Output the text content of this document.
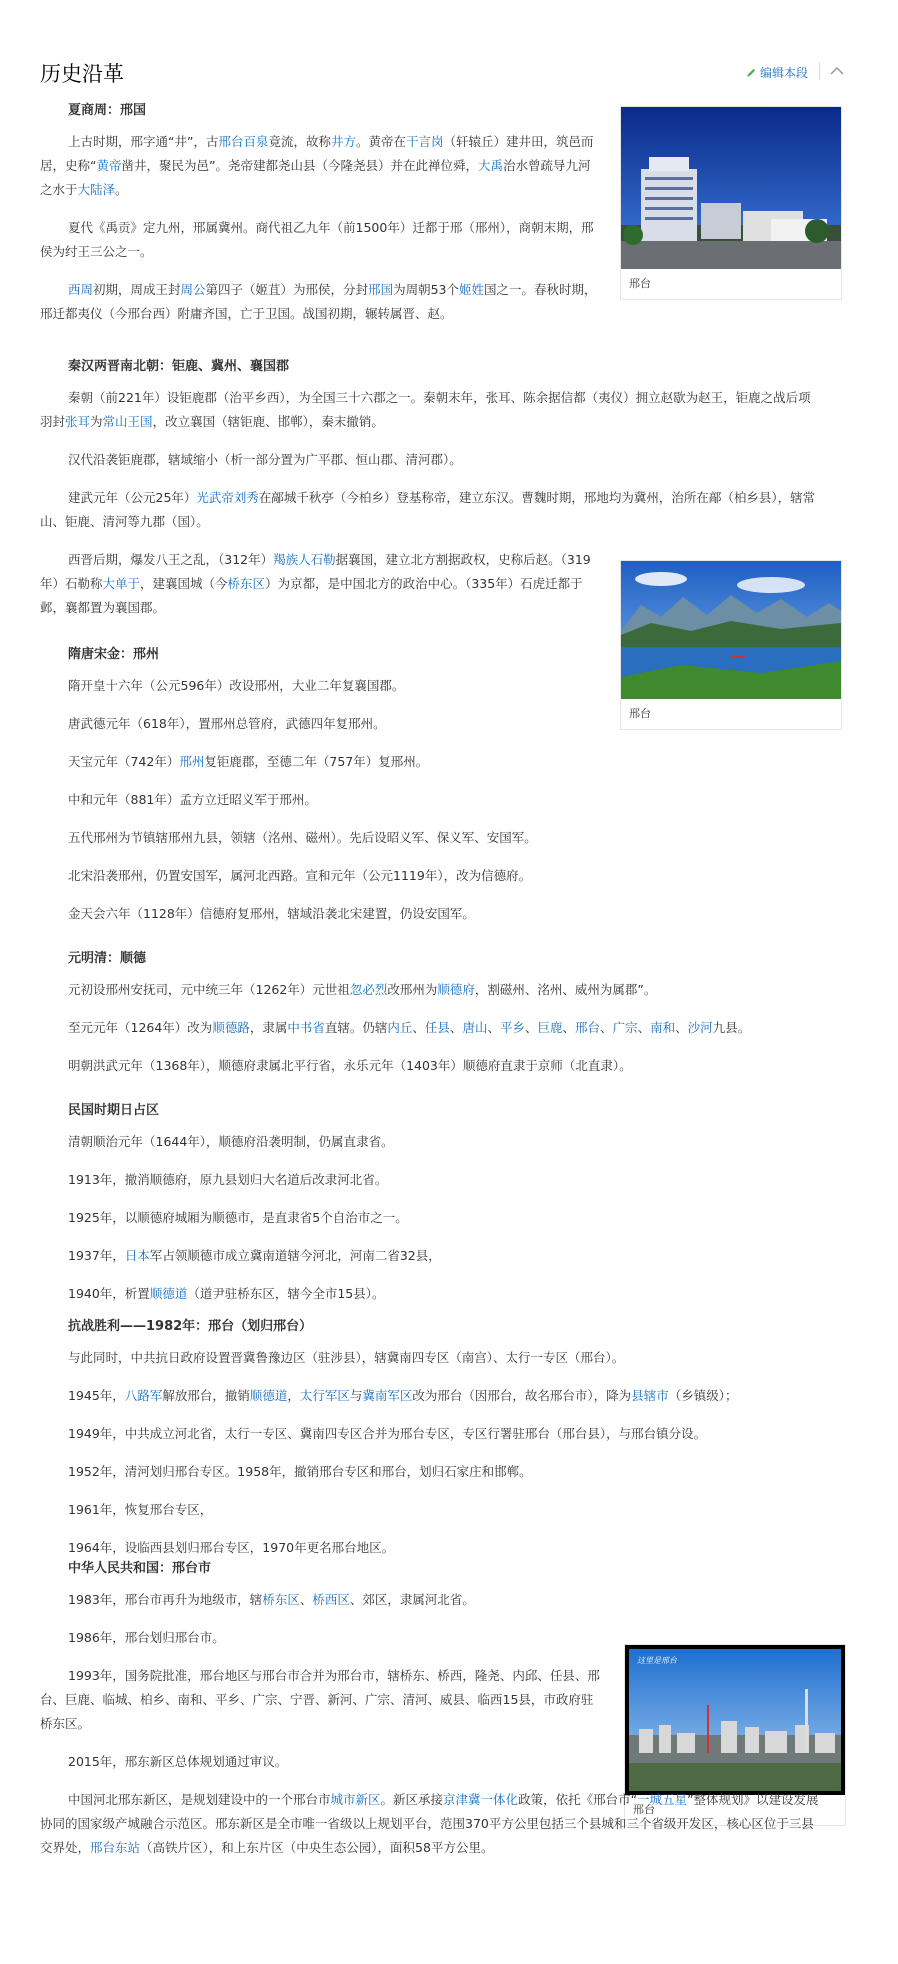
历史沿革	编辑本段
邢台
邢台
这里是邢台
邢台
夏商周：邢国

上古时期，邢字通“井”，古邢台百泉竟流，故称井方。黄帝在干言岗（轩辕丘）建井田，筑邑而居，史称“黄帝凿井，聚民为邑”。尧帝建都尧山县（今隆尧县）并在此禅位舜，大禹治水曾疏导九河之水于大陆泽。

夏代《禹贡》定九州，邢属冀州。商代祖乙九年（前1500年）迁都于邢（邢州），商朝末期，邢侯为纣王三公之一。

西周初期，周成王封周公第四子（姬苴）为邢侯，分封邢国为周朝53个姬姓国之一。春秋时期，邢迁都夷仪（今邢台西）附庸齐国，亡于卫国。战国初期，辗转属晋、赵。

秦汉两晋南北朝：钜鹿、冀州、襄国郡

秦朝（前221年）设钜鹿郡（治平乡西），为全国三十六郡之一。秦朝末年，张耳、陈余据信都（夷仪）拥立赵歇为赵王，钜鹿之战后项羽封张耳为常山王国，改立襄国（辖钜鹿、邯郸），秦末撤销。

汉代沿袭钜鹿郡，辖域缩小（析一部分置为广平郡、恒山郡、清河郡）。

建武元年（公元25年）光武帝刘秀在鄗城千秋亭（今柏乡）登基称帝，建立东汉。曹魏时期，邢地均为冀州，治所在鄗（柏乡县），辖常山、钜鹿、清河等九郡（国）。

西晋后期，爆发八王之乱，（312年）羯族人石勒据襄国，建立北方割据政权，史称后赵。（319年）石勒称大单于，建襄国城（今桥东区）为京都，是中国北方的政治中心。（335年）石虎迁都于邺，襄都置为襄国郡。

隋唐宋金：邢州

隋开皇十六年（公元596年）改设邢州，大业二年复襄国郡。

唐武德元年（618年），置邢州总管府，武德四年复邢州。

天宝元年（742年）邢州复钜鹿郡，至德二年（757年）复邢州。

中和元年（881年）孟方立迁昭义军于邢州。

五代邢州为节镇辖邢州九县，领辖（洺州、磁州）。先后设昭义军、保义军、安国军。

北宋沿袭邢州，仍置安国军，属河北西路。宣和元年（公元1119年），改为信德府。

金天会六年（1128年）信德府复邢州，辖域沿袭北宋建置，仍设安国军。

元明清：顺德

元初设邢州安抚司，元中统三年（1262年）元世祖忽必烈改邢州为顺德府，割磁州、洺州、威州为属郡”。

至元元年（1264年）改为顺德路，隶属中书省直辖。仍辖内丘、任县、唐山、平乡、巨鹿、邢台、广宗、南和、沙河九县。

明朝洪武元年（1368年），顺德府隶属北平行省，永乐元年（1403年）顺德府直隶于京师（北直隶）。

民国时期日占区

清朝顺治元年（1644年），顺德府沿袭明制，仍属直隶省。

1913年，撤消顺德府，原九县划归大名道后改隶河北省。

1925年，以顺德府城厢为顺德市，是直隶省5个自治市之一。

1937年，日本军占领顺德市成立冀南道辖今河北，河南二省32县，

1940年，析置顺德道（道尹驻桥东区，辖今全市15县）。

抗战胜利——1982年：邢台（划归邢台）

与此同时，中共抗日政府设置晋冀鲁豫边区（驻涉县），辖冀南四专区（南宫）、太行一专区（邢台）。

1945年，八路军解放邢台，撤销顺德道，太行军区与冀南军区改为邢台（因邢台，故名邢台市），降为县辖市（乡镇级）；

1949年，中共成立河北省，太行一专区、冀南四专区合并为邢台专区，专区行署驻邢台（邢台县），与邢台镇分设。

1952年，清河划归邢台专区。1958年，撤销邢台专区和邢台，划归石家庄和邯郸。

1961年，恢复邢台专区，

1964年，设临西县划归邢台专区，1970年更名邢台地区。

中华人民共和国：邢台市

1983年，邢台市再升为地级市，辖桥东区、桥西区、郊区，隶属河北省。

1986年，邢台划归邢台市。

1993年，国务院批准，邢台地区与邢台市合并为邢台市，辖桥东、桥西，隆尧、内邱、任县、邢台、巨鹿、临城、柏乡、南和、平乡、广宗、宁晋、新河、广宗、清河、威县、临西15县，市政府驻桥东区。

2015年，邢东新区总体规划通过审议。

中国河北邢东新区，是规划建设中的一个邢台市城市新区。新区承接京津冀一体化政策，依托《邢台市“一城五星”整体规划》以建设发展协同的国家级产城融合示范区。邢东新区是全市唯一省级以上规划平台，范围370平方公里包括三个县城和三个省级开发区，核心区位于三县交界处，邢台东站（高铁片区），和上东片区（中央生态公园），面积58平方公里。
